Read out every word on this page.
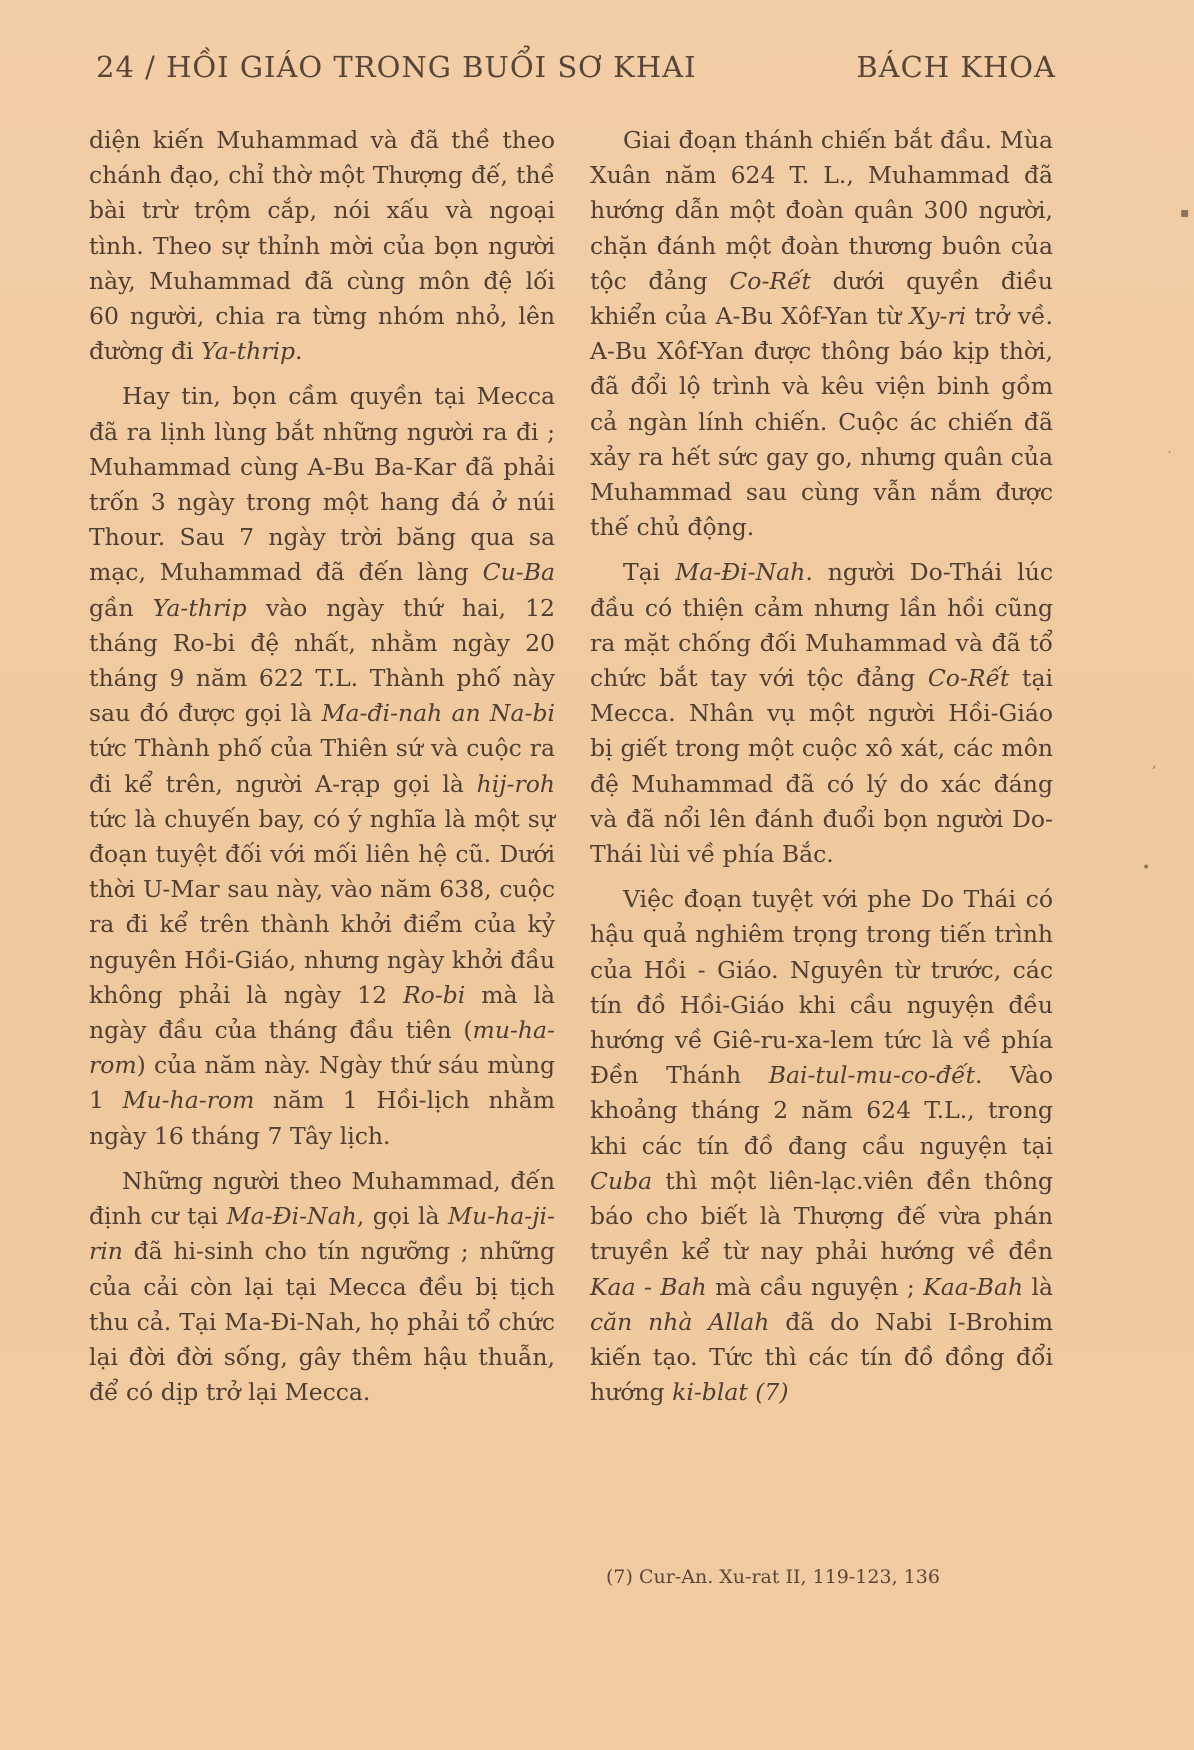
24 / HỒI GIÁO TRONG BUỔI SƠ KHAI	BÁCH KHOA

diện kiến Muhammad và đã thề theo chánh đạo, chỉ thờ một Thượng đế, thề bài trừ trộm cắp, nói xấu và ngoại tình. Theo sự thỉnh mời của bọn người này, Muhammad đã cùng môn đệ lối 60 người, chia ra từng nhóm nhỏ, lên đường đi Ya-thrip.

Hay tin, bọn cầm quyền tại Mecca đã ra lịnh lùng bắt những người ra đi ; Muhammad cùng A-Bu Ba-Kar đã phải trốn 3 ngày trong một hang đá ở núi Thour. Sau 7 ngày trời băng qua sa mạc, Muhammad đã đến làng Cu-Ba gần Ya-thrip vào ngày thứ hai, 12 tháng Ro-bi đệ nhất, nhằm ngày 20 tháng 9 năm 622 T.L. Thành phố này sau đó được gọi là Ma-đi-nah an Na-bi tức Thành phố của Thiên sứ và cuộc ra đi kể trên, người A-rạp gọi là hij-roh tức là chuyến bay, có ý nghĩa là một sự đoạn tuyệt đối với mối liên hệ cũ. Dưới thời U-Mar sau này, vào năm 638, cuộc ra đi kể trên thành khởi điểm của kỷ nguyên Hồi-Giáo, nhưng ngày khởi đầu không phải là ngày 12 Ro-bi mà là ngày đầu của tháng đầu tiên (mu-ha-rom) của năm này. Ngày thứ sáu mùng 1 Mu-ha-rom năm 1 Hồi-lịch nhằm ngày 16 tháng 7 Tây lịch.

Những người theo Muhammad, đến định cư tại Ma-Đi-Nah, gọi là Mu-ha-ji-rin đã hi-sinh cho tín ngưỡng ; những của cải còn lại tại Mecca đều bị tịch thu cả. Tại Ma-Đi-Nah, họ phải tổ chức lại đời đời sống, gây thêm hậu thuẫn, để có dịp trở lại Mecca.

Giai đoạn thánh chiến bắt đầu. Mùa Xuân năm 624 T. L., Muhammad đã hướng dẫn một đoàn quân 300 người, chặn đánh một đoàn thương buôn của tộc đảng Co-Rết dưới quyền điều khiển của A-Bu Xôf-Yan từ Xy-ri trở về. A-Bu Xôf-Yan được thông báo kịp thời, đã đổi lộ trình và kêu viện binh gồm cả ngàn lính chiến. Cuộc ác chiến đã xảy ra hết sức gay go, nhưng quân của Muhammad sau cùng vẫn nắm được thế chủ động.

Tại Ma-Đi-Nah. người Do-Thái lúc đầu có thiện cảm nhưng lần hồi cũng ra mặt chống đối Muhammad và đã tổ chức bắt tay với tộc đảng Co-Rết tại Mecca. Nhân vụ một người Hồi-Giáo bị giết trong một cuộc xô xát, các môn đệ Muhammad đã có lý do xác đáng và đã nổi lên đánh đuổi bọn người Do-Thái lùi về phía Bắc.

Việc đoạn tuyệt với phe Do Thái có hậu quả nghiêm trọng trong tiến trình của Hồi - Giáo. Nguyên từ trước, các tín đồ Hồi-Giáo khi cầu nguyện đều hướng về Giê-ru-xa-lem tức là về phía Đền Thánh Bai-tul-mu-co-đết. Vào khoảng tháng 2 năm 624 T.L., trong khi các tín đồ đang cầu nguyện tại Cuba thì một liên-lạc.viên đền thông báo cho biết là Thượng đế vừa phán truyền kể từ nay phải hướng về đền Kaa - Bah mà cầu nguyện ; Kaa-Bah là căn nhà Allah đã do Nabi I-Brohim kiến tạo. Tức thì các tín đồ đồng đổi hướng ki-blat (7)

(7) Cur-An. Xu-rat II, 119-123, 136
▪
˙
‚
•
